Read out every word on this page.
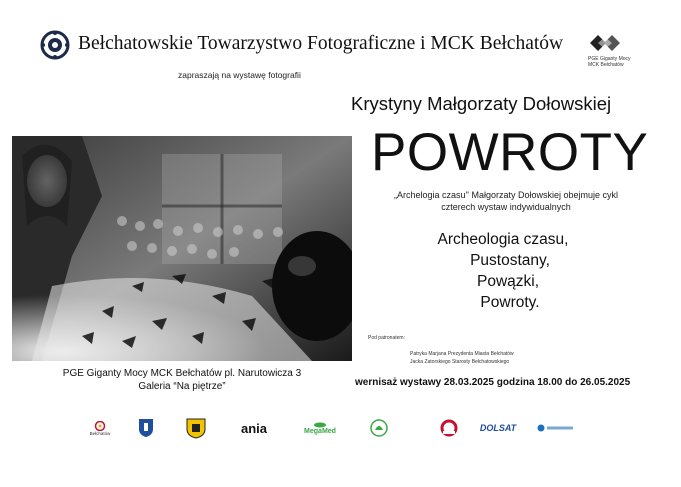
Bełchatowskie Towarzystwo Fotograficzne i MCK Bełchatów
PGE Giganty Mocy
MCK Bełchatów
zapraszają na wystawę fotografii
Krystyny Małgorzaty Dołowskiej
POWROTY
„Archelogia czasu'' Małgorzaty Dołowskiej obejmuje cykl
czterech wystaw indywidualnych
Archeologia czasu,
Pustostany,
Powązki,
Powroty.
PGE Giganty Mocy MCK Bełchatów pl. Narutowicza 3
Galeria “Na piętrze”
Pod patronatem:
Patryka Marjana Prezydenta Miasta Bełchatów
Jacka Zatorskiego Starosty Bełchatowskiego
wernisaż wystawy 28.03.2025 godzina 18.00 do 26.05.2025
Bełchatów	ania	MegaMed	DOLSAT
